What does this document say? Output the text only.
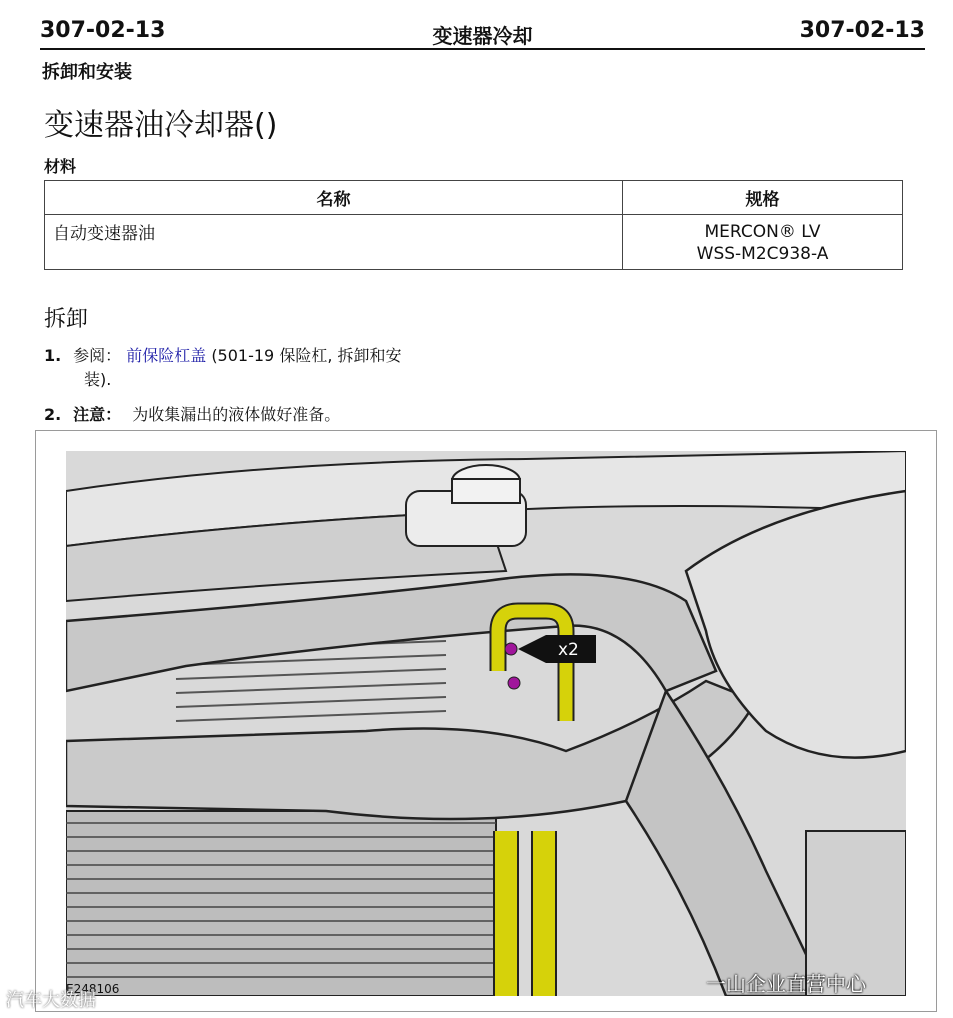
307-02-13	变速器冷却	307-02-13
拆卸和安装
变速器油冷却器()
材料
名称	规格
自动变速器油	MERCON® LV
WSS-M2C938-A
拆卸
1. 参阅： 前保险杠盖 (501-19 保险杠, 拆卸和安
装).
2. 注意： 为收集漏出的液体做好准备。
x2
E248106	一山企业直营中心
汽车大数据
